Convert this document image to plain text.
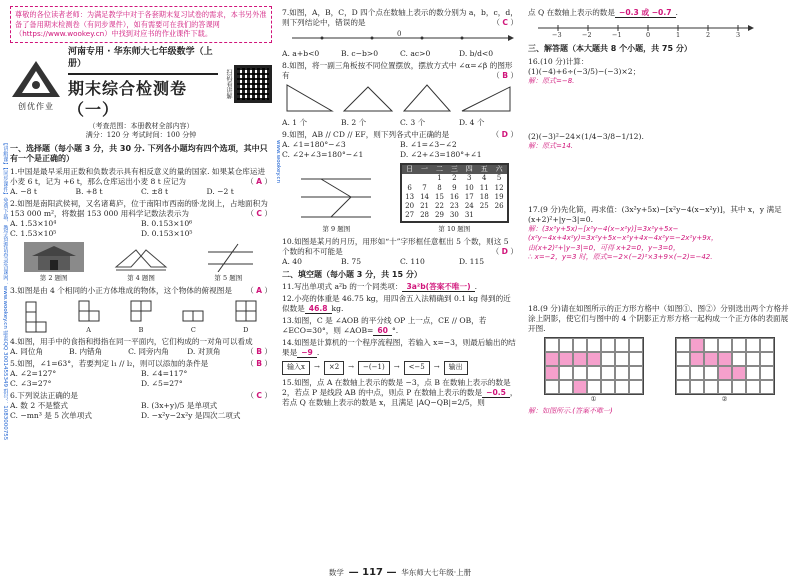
【讲解课】【同步课件】免费下载，教学资源请登录答课网：www.wookey.cn 联系QQ 3001455349 群号：1083000755	www.wookey.cn
尊敬的各位读者老师：为满足教学中对于各套期末复习试卷的需求，本书另外准备了备用期末检测卷（有同步课件），如有需要可在我们的答课网（https://www.wookey.cn）中找到对应书的作业课件下载。
创优作业
河南专用 · 华东师大七年级数学（上册）
期末综合检测卷（一）
扫码看讲解
（考查范围：本册教材全部内容）
满分：120 分 考试时间：100 分钟
一、选择题（每小题 3 分，共 30 分. 下列各小题均有四个选项，其中只有一个是正确的）
1.中国是最早采用正数和负数表示具有相反意义的量的国家. 如果某仓库运进小麦 6 t，记为 +6 t，那么仓库运出小麦 8 t 应记为	（ A ）
A. −8 t	B. +8 t	C. ±8 t	D. −2 t
2.如图是南阳武侯祠，又名诸葛庐，位于南阳市西南的卧龙岗上，占地面积为 153 000 m²，将数据 153 000 用科学记数法表示为	（ C ）
A. 1.53×10⁴	B. 0.153×10⁶
C. 1.53×10⁵	D. 0.153×10⁵
第 2 题图	第 4 题图	第 5 题图
3.如图是由 4 个相同的小正方体堆成的物体，这个物体的俯视图是 （ A ）
A	B	C	D
4.如图，用手中的食指和拇指在同一平面内，它们构成的一对角可以看成
（ B ）
A. 同位角	B. 内错角	C. 同旁内角	D. 对顶角
5.如图，∠1=63°，若要判定 l₁ // l₂，则可以添加的条件是	（ B ）
A. ∠2=127°	B. ∠4=117°
C. ∠3=27°	D. ∠5=27°
6.下列说法正确的是	（ C ）
A. 数 2 不是整式	B. (3x+y)/5 是单项式
C. −mn³ 是 5 次单项式	D. −x²y−2x²y 是四次二项式
7.如图，A，B，C，D 四个点在数轴上表示的数分别为 a，b，c，d，则下列结论中，错误的是	（ C ）
0
A. a+b<0	B. c−b>0	C. ac>0	D. b/d<0
8.如图，将一副三角板按不同位置摆放，摆放方式中 ∠α=∠β 的图形有	（ B ）
A. 1 个	B. 2 个	C. 3 个	D. 4 个
9.如图，AB // CD // EF，则下列各式中正确的是	（ D ）
A. ∠1=180°−∠3	B. ∠1=∠3−∠2
C. ∠2+∠3=180°−∠1	D. ∠2+∠3=180°+∠1
第 9 题图
日	一	二	三	四	五	六
		1	2	3	4	5
6	7	8	9	10	11	12
13	14	15	16	17	18	19
20	21	22	23	24	25	26
27	28	29	30	31		
第 10 题图
10.如图是某月的月历，用形如“十”字形框任意框出 5 个数，则这 5 个数的和不可能是	（ D ）
A. 40	B. 75	C. 110	D. 115
二、填空题（每小题 3 分，共 15 分）
11.写出单项式 a²b 的一个同类项： 3a²b(答案不唯一) .
12.小亮的体重是 46.75 kg，用四舍五入法精确到 0.1 kg 得到的近似数是 46.8 kg.
13.如图，C 是 ∠AOB 的平分线 OP 上一点，CE // OB，若 ∠ECO=30°，则 ∠AOB= 60 °.
14.如图是计算机的一个程序流程图，若输入 x=−3，则最后输出的结果是 −9 .
输入x	→	×2	→	−(−1)	→	<−5	→	输出
15.如图，点 A 在数轴上表示的数是 −3，点 B 在数轴上表示的数是 2，若点 P 是线段 AB 的中点，则点 P 在数轴上表示的数是 −0.5 ，若点 Q 在数轴上表示的数是 x，且满足 |AQ−QB|=2/5，则
点 Q 在数轴上表示的数是 −0.3 或 −0.7 .
−3	−2	−1	0	1	2	3
三、解答题（本大题共 8 个小题，共 75 分）
16.(10 分)计算：
(1)(−4)+6÷(−3/5)−(−3)×2；
解：原式=−8.
(2)(−3)²−24×(1/4−3/8−1/12).
解：原式=14.
17.(9 分)先化简，再求值：(3x²y+5x)−[x²y−4(x−x²y)]，其中 x，y 满足 (x+2)²+|y−3|=0.
解：(3x²y+5x)−[x²y−4(x−x²y)]=3x²y+5x−(x²y−4x+4x²y)=3x²y+5x−x²y+4x−4x²y=−2x²y+9x，
由(x+2)²+|y−3|=0，可得 x+2=0，y−3=0，
∴ x=−2，y=3 时，原式=−2×(−2)²×3+9×(−2)=−42.
18.(9 分)请在如图所示的正方形方格中（如图①、图②）分别选出两个方格并涂上阴影，使它们与图中的 4 个阴影正方形方格一起构成一个正方体的表面展开图.
①	②
解：如图所示.(答案不唯一)
数学 — 117 — 华东师大七年级·上册
